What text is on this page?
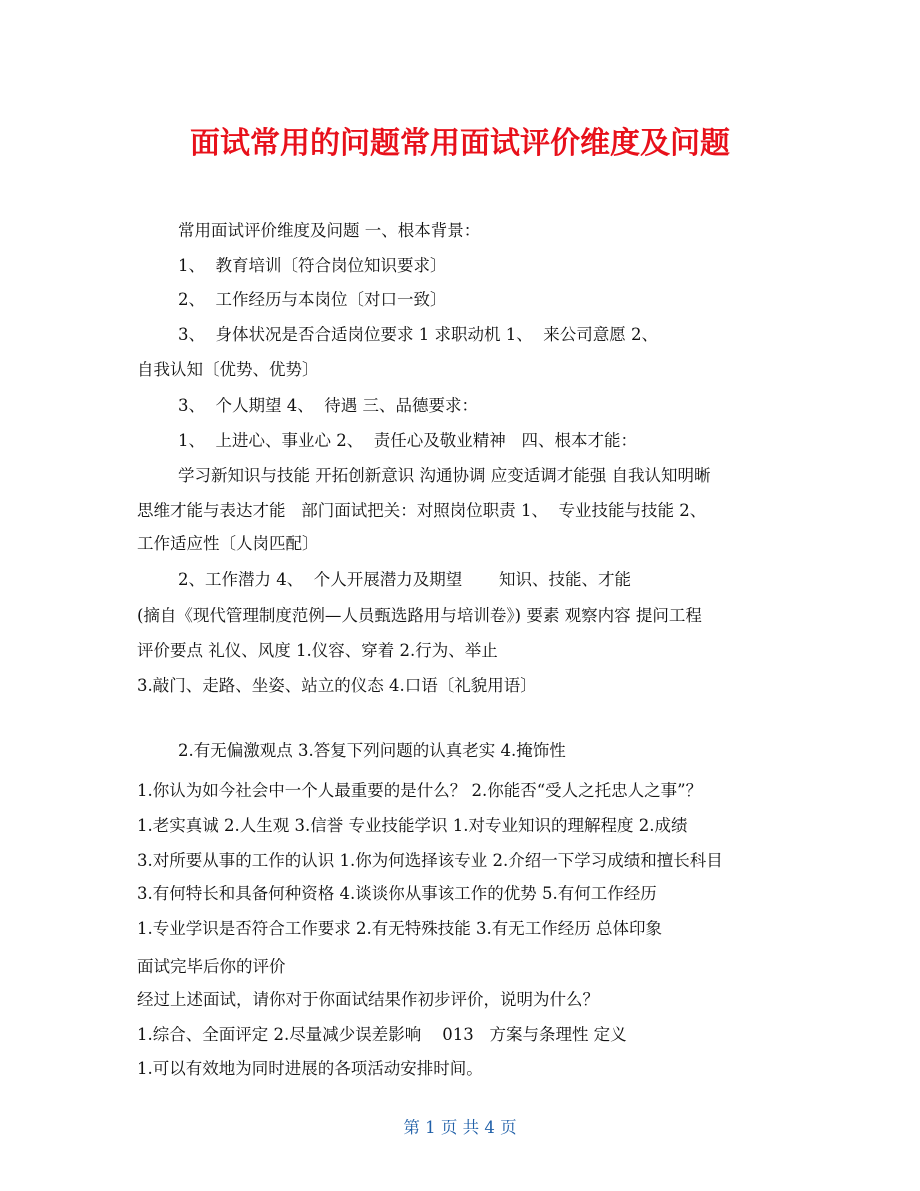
面试常用的问题常用面试评价维度及问题
常用面试评价维度及问题 一、根本背景：
1、  教育培训〔符合岗位知识要求〕
2、  工作经历与本岗位〔对口一致〕
3、  身体状况是否合适岗位要求 1 求职动机 1、  来公司意愿 2、
自我认知〔优势、优势〕
3、  个人期望 4、  待遇 三、品德要求：
1、  上进心、事业心 2、  责任心及敬业精神   四、根本才能：
学习新知识与技能 开拓创新意识 沟通协调 应变适调才能强 自我认知明晰
思维才能与表达才能   部门面试把关：对照岗位职责 1、  专业技能与技能 2、
工作适应性〔人岗匹配〕
2、工作潜力 4、  个人开展潜力及期望       知识、技能、才能
(摘自《现代管理制度范例—人员甄选路用与培训卷》) 要素 观察内容 提问工程
评价要点 礼仪、风度 1.仪容、穿着 2.行为、举止
3.敲门、走路、坐姿、站立的仪态 4.口语〔礼貌用语〕
2.有无偏激观点 3.答复下列问题的认真老实 4.掩饰性
1.你认为如今社会中一个人最重要的是什么？ 2.你能否“受人之托忠人之事”？
1.老实真诚 2.人生观 3.信誉 专业技能学识 1.对专业知识的理解程度 2.成绩
3.对所要从事的工作的认识 1.你为何选择该专业 2.介绍一下学习成绩和擅长科目
3.有何特长和具备何种资格 4.谈谈你从事该工作的优势 5.有何工作经历
1.专业学识是否符合工作要求 2.有无特殊技能 3.有无工作经历 总体印象
面试完毕后你的评价
经过上述面试，请你对于你面试结果作初步评价，说明为什么？
1.综合、全面评定 2.尽量减少误差影响    013   方案与条理性 定义
1.可以有效地为同时进展的各项活动安排时间。
第 1 页 共 4 页
